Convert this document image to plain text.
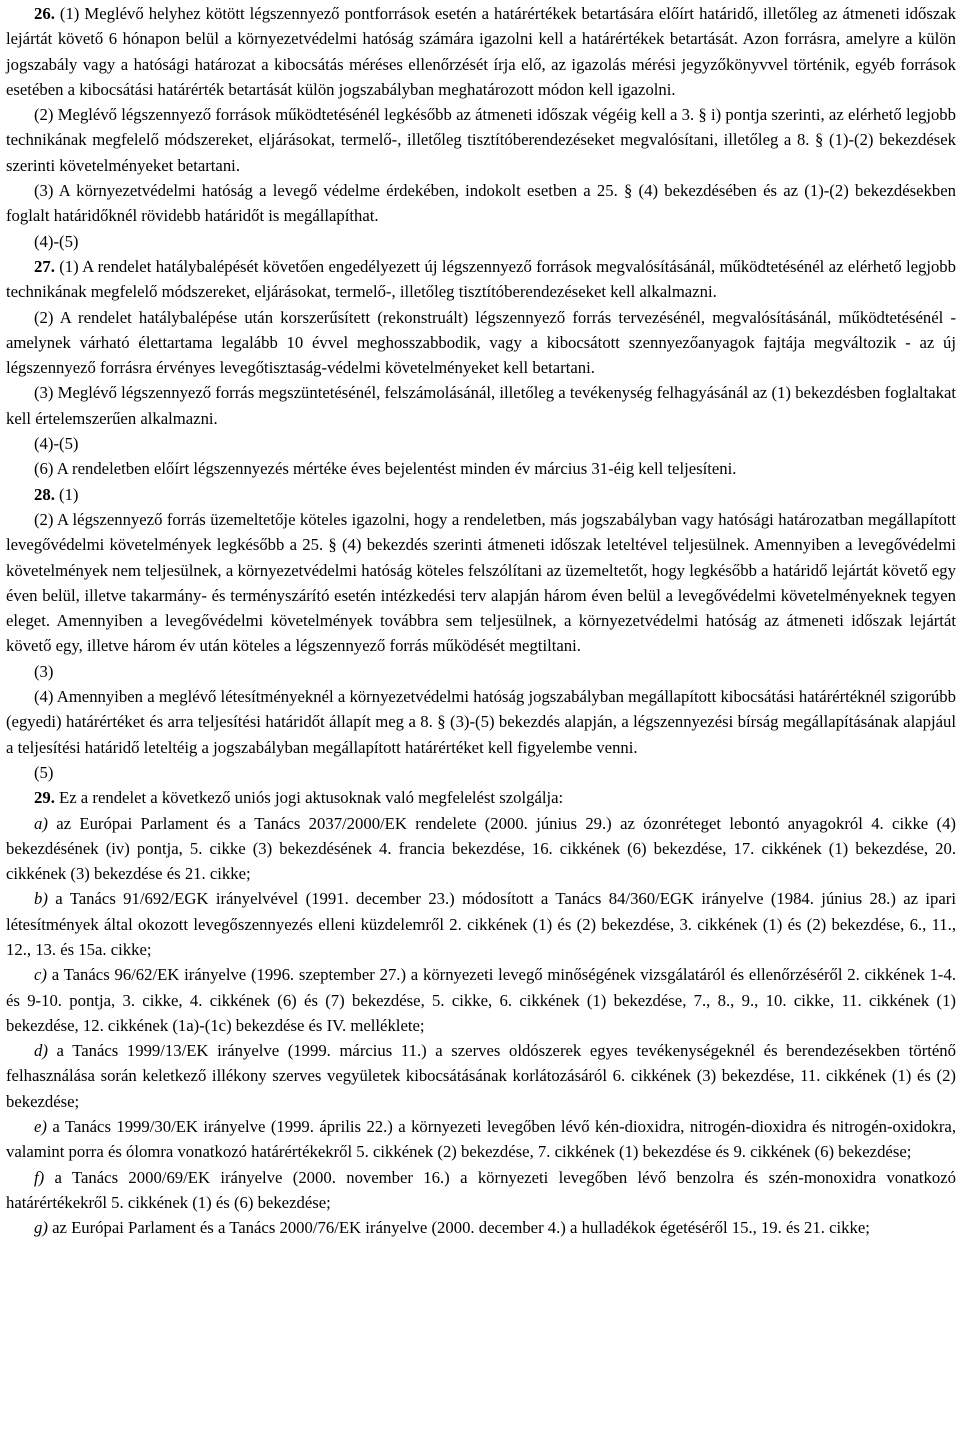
26. (1) Meglévő helyhez kötött légszennyező pontforrások esetén a határértékek betartására előírt határidő, illetőleg az átmeneti időszak lejártát követő 6 hónapon belül a környezetvédelmi hatóság számára igazolni kell a határértékek betartását. Azon forrásra, amelyre a külön jogszabály vagy a hatósági határozat a kibocsátás méréses ellenőrzését írja elő, az igazolás mérési jegyzőkönyvvel történik, egyéb források esetében a kibocsátási határérték betartását külön jogszabályban meghatározott módon kell igazolni.

(2) Meglévő légszennyező források működtetésénél legkésőbb az átmeneti időszak végéig kell a 3. § i) pontja szerinti, az elérhető legjobb technikának megfelelő módszereket, eljárásokat, termelő-, illetőleg tisztítóberendezéseket megvalósítani, illetőleg a 8. § (1)-(2) bekezdések szerinti követelményeket betartani.

(3) A környezetvédelmi hatóság a levegő védelme érdekében, indokolt esetben a 25. § (4) bekezdésében és az (1)-(2) bekezdésekben foglalt határidőknél rövidebb határidőt is megállapíthat.

(4)-(5)

27. (1) A rendelet hatálybalépését követően engedélyezett új légszennyező források megvalósításánál, működtetésénél az elérhető legjobb technikának megfelelő módszereket, eljárásokat, termelő-, illetőleg tisztítóberendezéseket kell alkalmazni.

(2) A rendelet hatálybalépése után korszerűsített (rekonstruált) légszennyező forrás tervezésénél, megvalósításánál, működtetésénél - amelynek várható élettartama legalább 10 évvel meghosszabbodik, vagy a kibocsátott szennyezőanyagok fajtája megváltozik - az új légszennyező forrásra érvényes levegőtisztaság-védelmi követelményeket kell betartani.

(3) Meglévő légszennyező forrás megszüntetésénél, felszámolásánál, illetőleg a tevékenység felhagyásánál az (1) bekezdésben foglaltakat kell értelemszerűen alkalmazni.

(4)-(5)

(6) A rendeletben előírt légszennyezés mértéke éves bejelentést minden év március 31-éig kell teljesíteni.

28. (1)

(2) A légszennyező forrás üzemeltetője köteles igazolni, hogy a rendeletben, más jogszabályban vagy hatósági határozatban megállapított levegővédelmi követelmények legkésőbb a 25. § (4) bekezdés szerinti átmeneti időszak leteltével teljesülnek. Amennyiben a levegővédelmi követelmények nem teljesülnek, a környezetvédelmi hatóság köteles felszólítani az üzemeltetőt, hogy legkésőbb a határidő lejártát követő egy éven belül, illetve takarmány- és terményszárító esetén intézkedési terv alapján három éven belül a levegővédelmi követelményeknek tegyen eleget. Amennyiben a levegővédelmi követelmények továbbra sem teljesülnek, a környezetvédelmi hatóság az átmeneti időszak lejártát követő egy, illetve három év után köteles a légszennyező forrás működését megtiltani.

(3)

(4) Amennyiben a meglévő létesítményeknél a környezetvédelmi hatóság jogszabályban megállapított kibocsátási határértéknél szigorúbb (egyedi) határértéket és arra teljesítési határidőt állapít meg a 8. § (3)-(5) bekezdés alapján, a légszennyezési bírság megállapításának alapjául a teljesítési határidő leteltéig a jogszabályban megállapított határértéket kell figyelembe venni.

(5)

29. Ez a rendelet a következő uniós jogi aktusoknak való megfelelést szolgálja:

a) az Európai Parlament és a Tanács 2037/2000/EK rendelete (2000. június 29.) az ózonréteget lebontó anyagokról 4. cikke (4) bekezdésének (iv) pontja, 5. cikke (3) bekezdésének 4. francia bekezdése, 16. cikkének (6) bekezdése, 17. cikkének (1) bekezdése, 20. cikkének (3) bekezdése és 21. cikke;

b) a Tanács 91/692/EGK irányelvével (1991. december 23.) módosított a Tanács 84/360/EGK irányelve (1984. június 28.) az ipari létesítmények által okozott levegőszennyezés elleni küzdelemről 2. cikkének (1) és (2) bekezdése, 3. cikkének (1) és (2) bekezdése, 6., 11., 12., 13. és 15a. cikke;

c) a Tanács 96/62/EK irányelve (1996. szeptember 27.) a környezeti levegő minőségének vizsgálatáról és ellenőrzéséről 2. cikkének 1-4. és 9-10. pontja, 3. cikke, 4. cikkének (6) és (7) bekezdése, 5. cikke, 6. cikkének (1) bekezdése, 7., 8., 9., 10. cikke, 11. cikkének (1) bekezdése, 12. cikkének (1a)-(1c) bekezdése és IV. melléklete;

d) a Tanács 1999/13/EK irányelve (1999. március 11.) a szerves oldószerek egyes tevékenységeknél és berendezésekben történő felhasználása során keletkező illékony szerves vegyületek kibocsátásának korlátozásáról 6. cikkének (3) bekezdése, 11. cikkének (1) és (2) bekezdése;

e) a Tanács 1999/30/EK irányelve (1999. április 22.) a környezeti levegőben lévő kén-dioxidra, nitrogén-dioxidra és nitrogén-oxidokra, valamint porra és ólomra vonatkozó határértékekről 5. cikkének (2) bekezdése, 7. cikkének (1) bekezdése és 9. cikkének (6) bekezdése;

f) a Tanács 2000/69/EK irányelve (2000. november 16.) a környezeti levegőben lévő benzolra és szén-monoxidra vonatkozó határértékekről 5. cikkének (1) és (6) bekezdése;

g) az Európai Parlament és a Tanács 2000/76/EK irányelve (2000. december 4.) a hulladékok égetéséről 15., 19. és 21. cikke;
